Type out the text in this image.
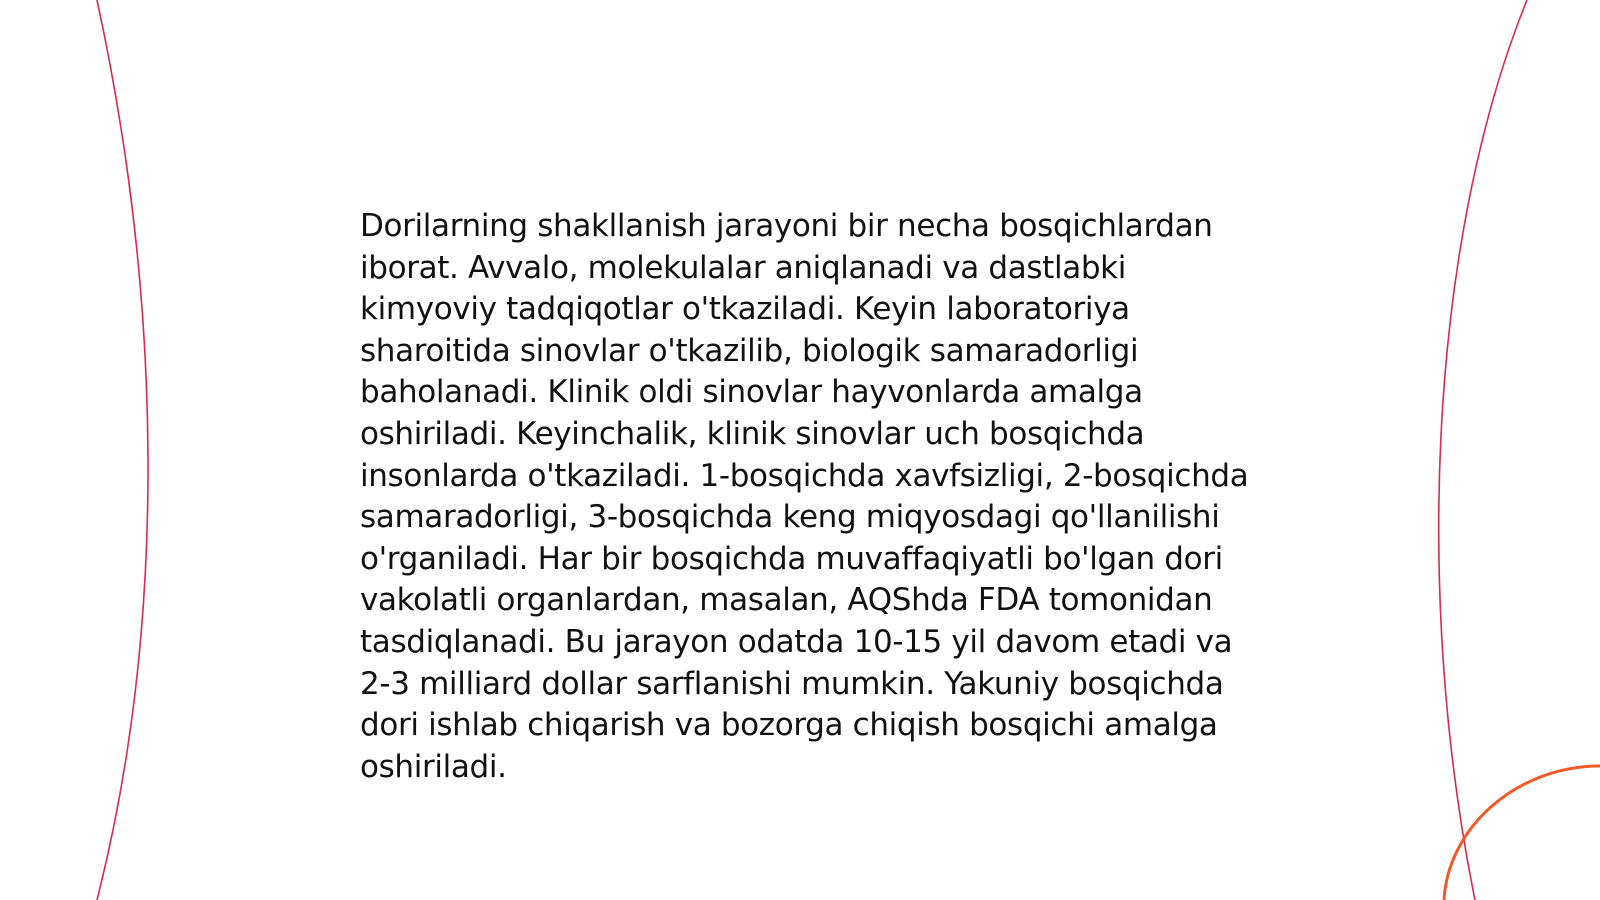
Dorilarning shakllanish jarayoni bir necha bosqichlardan iborat. Avvalo, molekulalar aniqlanadi va dastlabki kimyoviy tadqiqotlar o'tkaziladi. Keyin laboratoriya sharoitida sinovlar o'tkazilib, biologik samaradorligi baholanadi. Klinik oldi sinovlar hayvonlarda amalga oshiriladi. Keyinchalik, klinik sinovlar uch bosqichda insonlarda o'tkaziladi. 1-bosqichda xavfsizligi, 2-bosqichda samaradorligi, 3-bosqichda keng miqyosdagi qo'llanilishi o'rganiladi. Har bir bosqichda muvaffaqiyatli bo'lgan dori vakolatli organlardan, masalan, AQShda FDA tomonidan tasdiqlanadi. Bu jarayon odatda 10-15 yil davom etadi va 2-3 milliard dollar sarflanishi mumkin. Yakuniy bosqichda dori ishlab chiqarish va bozorga chiqish bosqichi amalga oshiriladi.
